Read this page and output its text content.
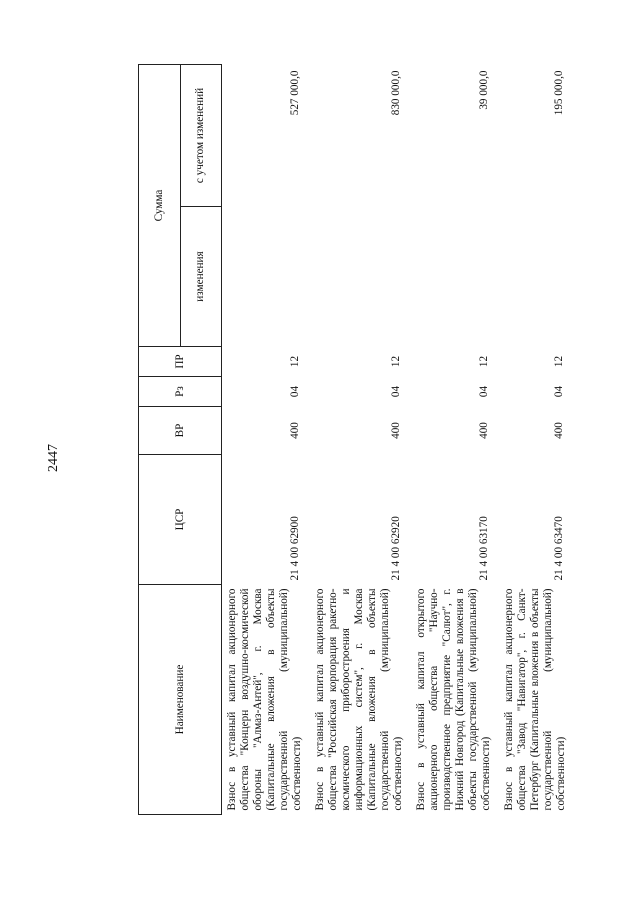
2447
Наименование	ЦСР	ВР	Рз	ПР	Сумма	
					изменения	с учетом изменений
Взнос в уставный капитал акционерного общества "Концерн воздушно-космической обороны "Алмаз-Антей", г. Москва (Капитальные вложения в объекты государственной (муниципальной) собственности)	21 4 00 62900	400	04	12		527 000,0
Взнос в уставный капитал акционерного общества "Российская корпорация ракетно-космического приборостроения и информационных систем", г. Москва (Капитальные вложения в объекты государственной (муниципальной) собственности)	21 4 00 62920	400	04	12		830 000,0
Взнос в уставный капитал открытого акционерного общества "Научно-производственное предприятие "Салют", г. Нижний Новгород (Капитальные вложения в объекты государственной (муниципальной) собственности)	21 4 00 63170	400	04	12		39 000,0
Взнос в уставный капитал акционерного общества "Завод "Навигатор", г. Санкт-Петербург (Капитальные вложения в объекты государственной (муниципальной) собственности)	21 4 00 63470	400	04	12		195 000,0
